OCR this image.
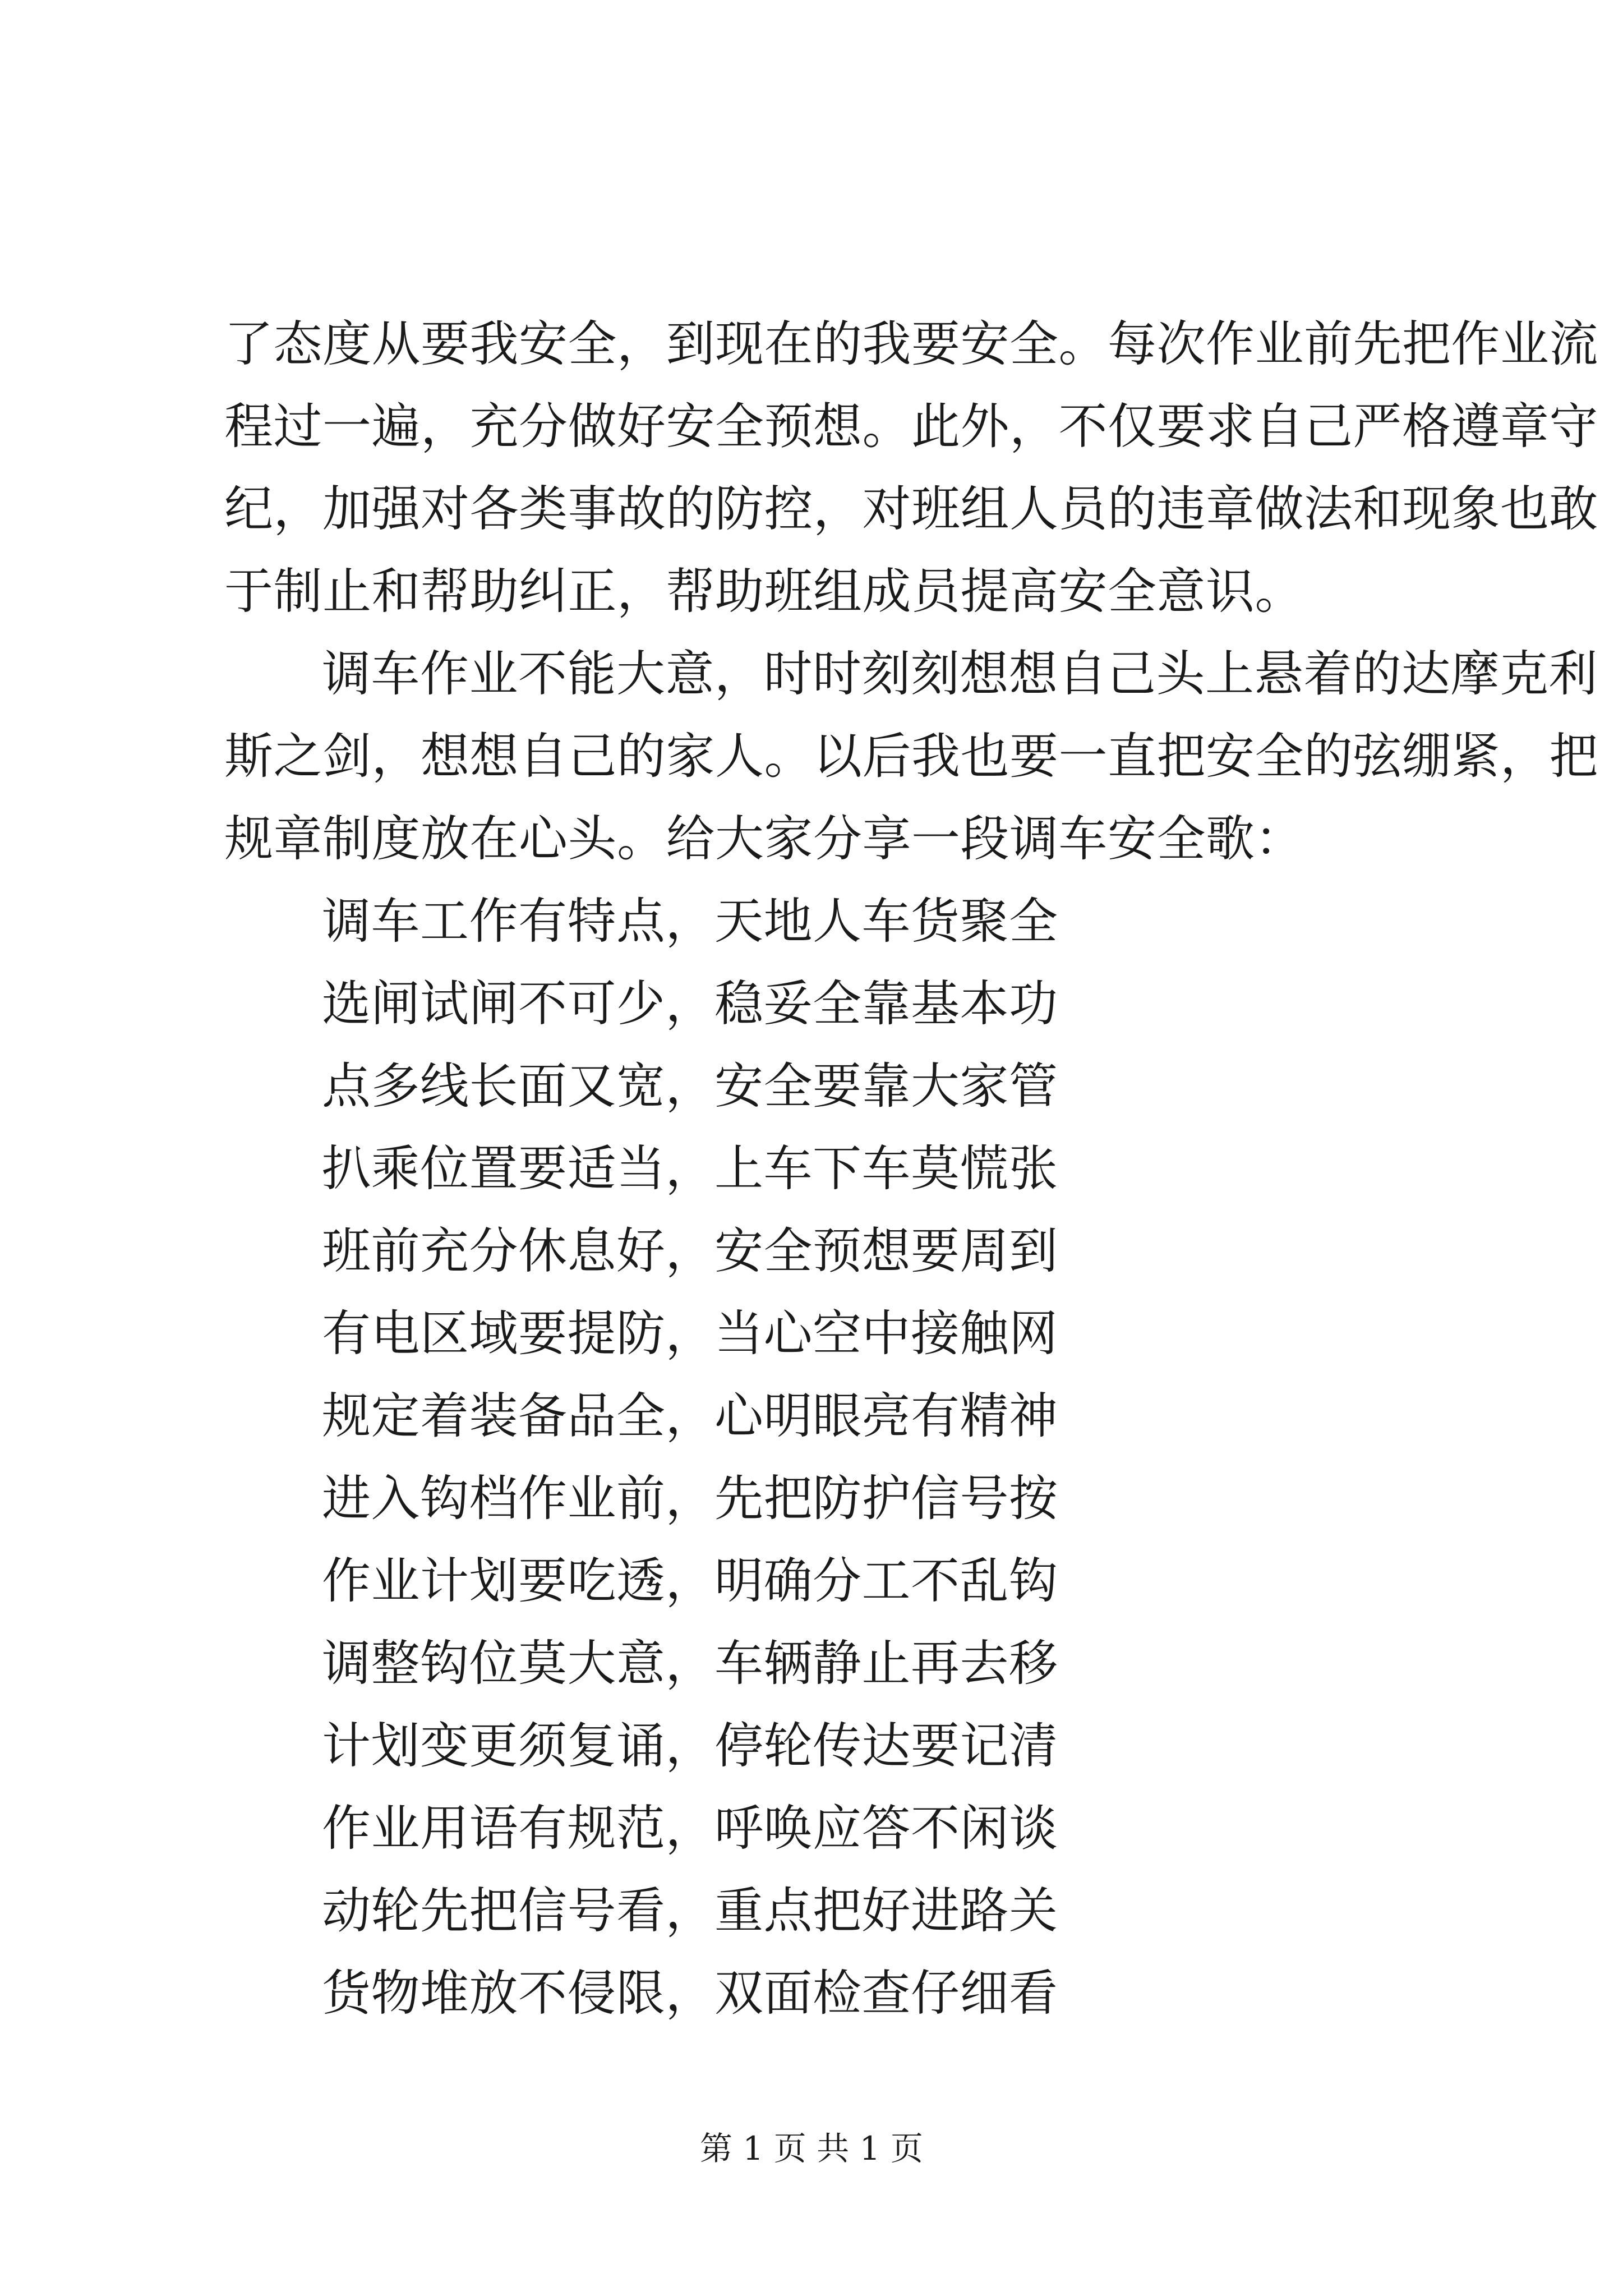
了态度从要我安全，到现在的我要安全。每次作业前先把作业流
程过一遍，充分做好安全预想。此外，不仅要求自己严格遵章守
纪，加强对各类事故的防控，对班组人员的违章做法和现象也敢
于制止和帮助纠正，帮助班组成员提高安全意识。
调车作业不能大意，时时刻刻想想自己头上悬着的达摩克利
斯之剑，想想自己的家人。以后我也要一直把安全的弦绷紧，把
规章制度放在心头。给大家分享一段调车安全歌：
调车工作有特点，天地人车货聚全
选闸试闸不可少，稳妥全靠基本功
点多线长面又宽，安全要靠大家管
扒乘位置要适当，上车下车莫慌张
班前充分休息好，安全预想要周到
有电区域要提防，当心空中接触网
规定着装备品全，心明眼亮有精神
进入钩档作业前，先把防护信号按
作业计划要吃透，明确分工不乱钩
调整钩位莫大意，车辆静止再去移
计划变更须复诵，停轮传达要记清
作业用语有规范，呼唤应答不闲谈
动轮先把信号看，重点把好进路关
货物堆放不侵限，双面检查仔细看
第 1 页 共 1 页
